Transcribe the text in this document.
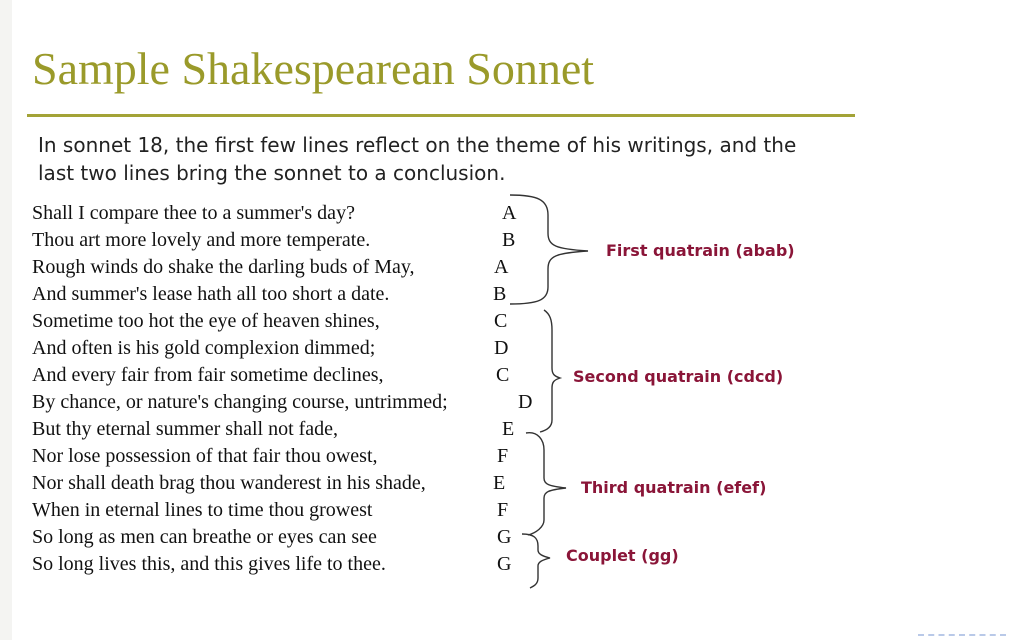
Sample Shakespearean Sonnet
In sonnet 18, the first few lines reflect on the theme of his writings, and the last two lines bring the sonnet to a conclusion.
Shall I compare thee to a summer's day?
Thou art more lovely and more temperate.
Rough winds do shake the darling buds of May,
And summer's lease hath all too short a date.
Sometime too hot the eye of heaven shines,
And often is his gold complexion dimmed;
And every fair from fair sometime declines,
By chance, or nature's changing course, untrimmed;
But thy eternal summer shall not fade,
Nor lose possession of that fair thou owest,
Nor shall death brag thou wanderest in his shade,
When in eternal lines to time thou growest
So long as men can breathe or eyes can see
So long lives this, and this gives life to thee.
A
B
A
B
C
D
C
D
E
F
E
F
G
G
First quatrain (abab)
Second quatrain (cdcd)
Third quatrain (efef)
Couplet (gg)
